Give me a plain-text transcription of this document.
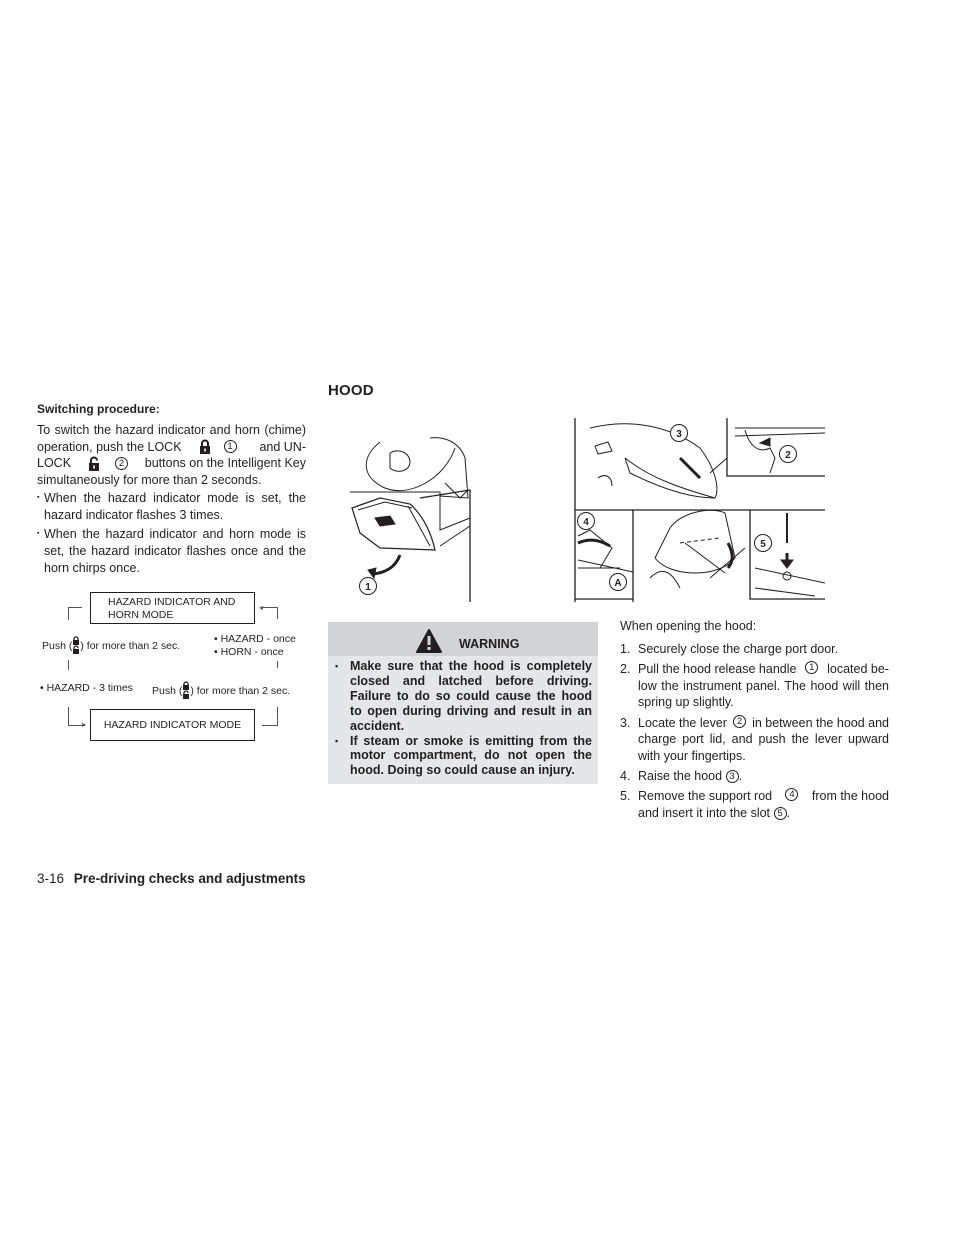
Switching procedure:
To switch the hazard indicator and horn (chime)
operation, push the LOCK	1	and UN-
LOCK	2	buttons on the Intelligent Key
simultaneously for more than 2 seconds.
▪ When the hazard indicator mode is set, the
hazard indicator flashes 3 times.
▪ When the hazard indicator and horn mode is
set, the hazard indicator flashes once and the
horn chirps once.
HAZARD INDICATOR AND
HORN MODE
◂
Push ( ) for more than 2 sec.
• HAZARD - once
• HORN - once
• HAZARD - 3 times Push ( ) for more than 2 sec.
▸	HAZARD INDICATOR MODE
HOOD
1
2
3
4
5
A
WARNING
▪ Make sure that the hood is completely
closed and latched before driving.
Failure to do so could cause the hood
to open during driving and result in an
accident.
▪ If steam or smoke is emitting from the
motor compartment, do not open the
hood. Doing so could cause an injury.
When opening the hood:
1. Securely close the charge port door.
2. Pull the hood release handle	1	located be-
low the instrument panel. The hood will then
spring up slightly.
3. Locate the lever	2 in between the hood and
charge port lid, and push the lever upward
with your fingertips.
4. Raise the hood 3 .
5. Remove the support rod	4	from the hood
and insert it into the slot 5 .
3-16 Pre-driving checks and adjustments
